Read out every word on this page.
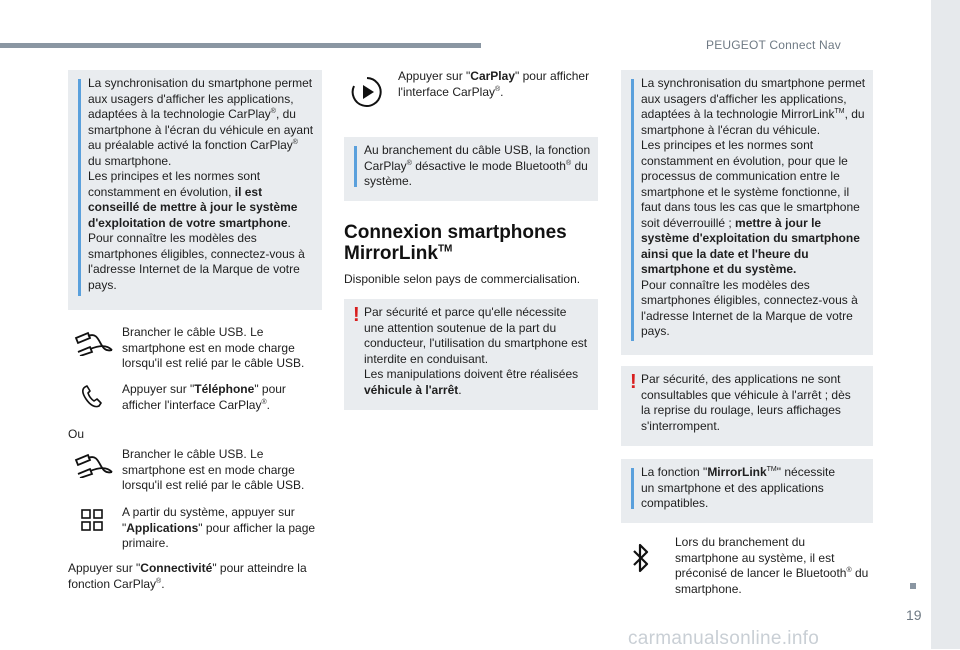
PEUGEOT Connect Nav
19
carmanualsonline.info

La synchronisation du smartphone permet

aux usagers d'afficher les applications,

adaptées à la technologie CarPlay®, du

smartphone à l'écran du véhicule en ayant

au préalable activé la fonction CarPlay®

du smartphone.

Les principes et les normes sont

constamment en évolution, il est

conseillé de mettre à jour le système

d'exploitation de votre smartphone.

Pour connaître les modèles des

smartphones éligibles, connectez-vous à

l'adresse Internet de la Marque de votre

pays.

Brancher le câble USB. Le
smartphone est en mode charge
lorsqu'il est relié par le câble USB.
Appuyer sur "Téléphone" pour
afficher l'interface CarPlay®.
Ou
Brancher le câble USB. Le
smartphone est en mode charge
lorsqu'il est relié par le câble USB.
A partir du système, appuyer sur
"Applications" pour afficher la page
primaire.
Appuyer sur "Connectivité" pour atteindre la
fonction CarPlay®.
Appuyer sur "CarPlay" pour afficher
l'interface CarPlay®.

Au branchement du câble USB, la fonction

CarPlay® désactive le mode Bluetooth® du

système.

Connexion smartphones
MirrorLink™
Disponible selon pays de commercialisation.
! Par sécurité et parce qu'elle nécessite

une attention soutenue de la part du

conducteur, l'utilisation du smartphone est

interdite en conduisant.

Les manipulations doivent être réalisées

véhicule à l'arrêt.

La synchronisation du smartphone permet

aux usagers d'afficher les applications,

adaptées à la technologie MirrorLink™, du

smartphone à l'écran du véhicule.

Les principes et les normes sont

constamment en évolution, pour que le

processus de communication entre le

smartphone et le système fonctionne, il

faut dans tous les cas que le smartphone

soit déverrouillé ; mettre à jour le

système d'exploitation du smartphone

ainsi que la date et l'heure du

smartphone et du système.

Pour connaître les modèles des

smartphones éligibles, connectez-vous à

l'adresse Internet de la Marque de votre

pays.

! Par sécurité, des applications ne sont

consultables que véhicule à l'arrêt ; dès

la reprise du roulage, leurs affichages

s'interrompent.

La fonction "MirrorLink™" nécessite

un smartphone et des applications

compatibles.

Lors du branchement du
smartphone au système, il est
préconisé de lancer le Bluetooth® du
smartphone.
